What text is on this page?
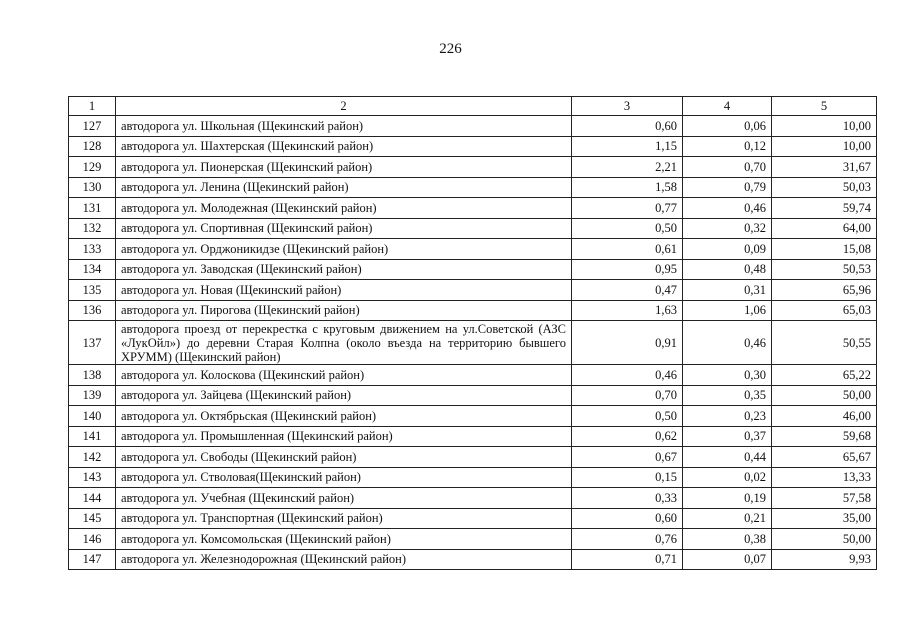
226
1	2	3	4	5
127	автодорога ул. Школьная (Щекинский район)	0,60	0,06	10,00
128	автодорога ул. Шахтерская (Щекинский район)	1,15	0,12	10,00
129	автодорога ул. Пионерская (Щекинский район)	2,21	0,70	31,67
130	автодорога ул. Ленина (Щекинский район)	1,58	0,79	50,03
131	автодорога ул. Молодежная (Щекинский район)	0,77	0,46	59,74
132	автодорога ул. Спортивная (Щекинский район)	0,50	0,32	64,00
133	автодорога ул. Орджоникидзе (Щекинский район)	0,61	0,09	15,08
134	автодорога ул. Заводская (Щекинский район)	0,95	0,48	50,53
135	автодорога ул. Новая (Щекинский район)	0,47	0,31	65,96
136	автодорога ул. Пирогова (Щекинский район)	1,63	1,06	65,03
137	автодорога проезд от перекрестка с круговым движением на ул.Советской (АЗС «ЛукОйл») до деревни Старая Колпна (около въезда на территорию бывшего ХРУММ) (Щекинский район)	0,91	0,46	50,55
138	автодорога ул. Колоскова (Щекинский район)	0,46	0,30	65,22
139	автодорога ул. Зайцева (Щекинский район)	0,70	0,35	50,00
140	автодорога ул. Октябрьская (Щекинский район)	0,50	0,23	46,00
141	автодорога ул. Промышленная (Щекинский район)	0,62	0,37	59,68
142	автодорога ул. Свободы (Щекинский район)	0,67	0,44	65,67
143	автодорога ул. Стволовая(Щекинский район)	0,15	0,02	13,33
144	автодорога ул. Учебная (Щекинский район)	0,33	0,19	57,58
145	автодорога ул. Транспортная (Щекинский район)	0,60	0,21	35,00
146	автодорога ул. Комсомольская (Щекинский район)	0,76	0,38	50,00
147	автодорога ул. Железнодорожная (Щекинский район)	0,71	0,07	9,93
